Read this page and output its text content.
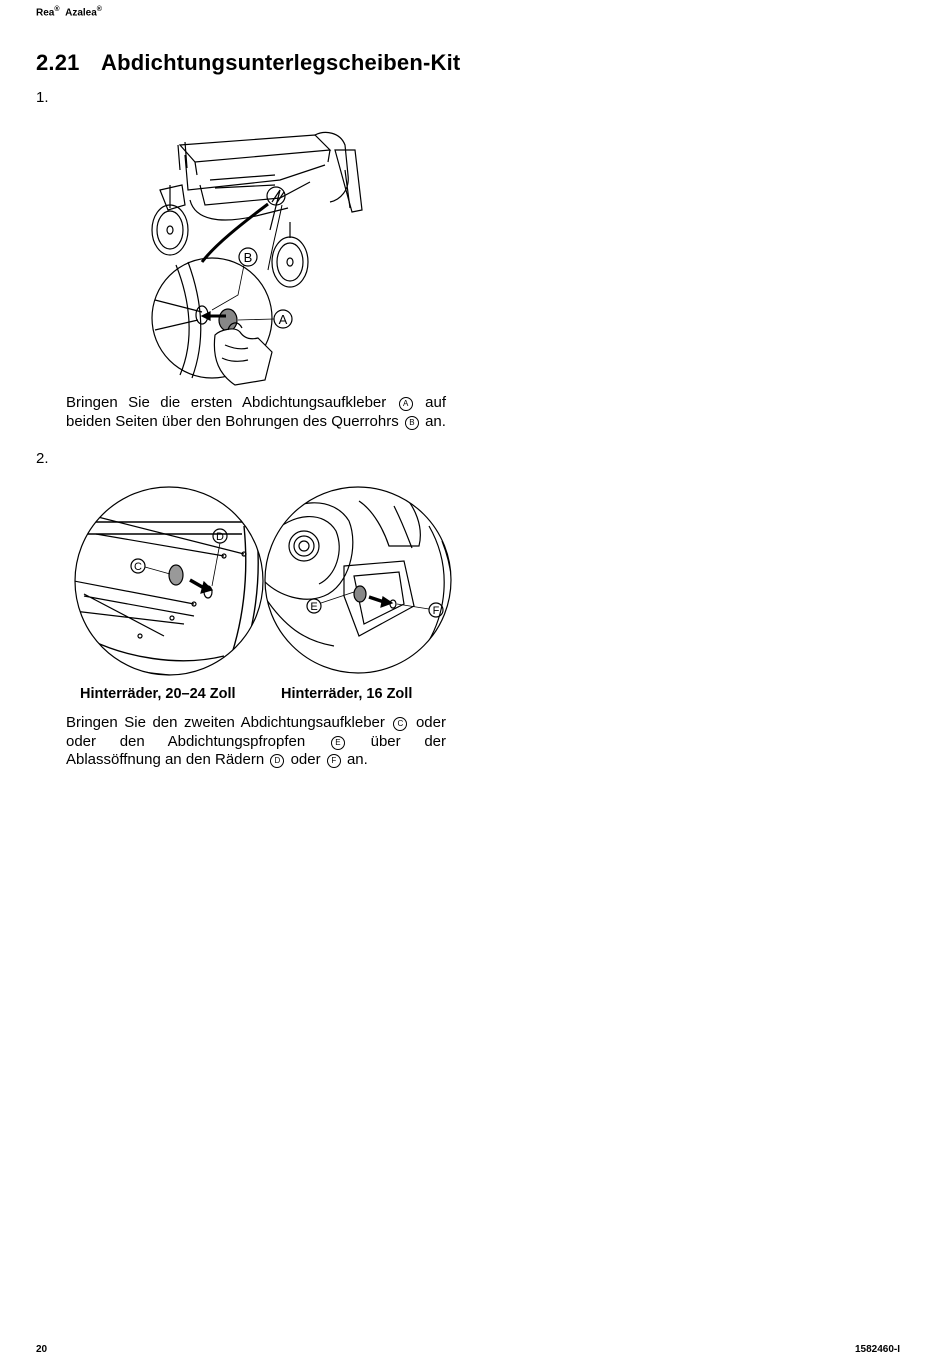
Rea® Azalea®
2.21 Abdichtungsunterlegscheiben-Kit
1.
B
A
Bringen Sie die ersten Abdichtungsaufkleber A auf beiden Seiten über den Bohrungen des Querrohrs B an.
2.
D
C
E	F
Hinterräder, 20–24 Zoll	Hinterräder, 16 Zoll
Bringen Sie den zweiten Abdichtungsaufkleber C oder oder den Abdichtungspfropfen	E über der Ablassöffnung an den Rädern D oder F an.
20	1582460-I
